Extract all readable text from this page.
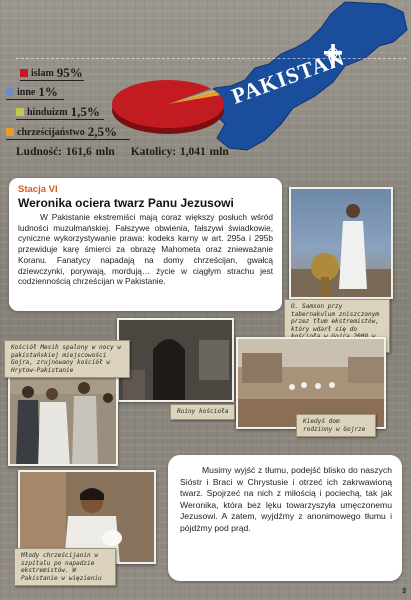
PAKISTAN
islam 95%
inne 1%
hinduizm 1,5%
chrześcijaństwo 2,5%
Ludność: 161,6 mln Katolicy: 1,041 mln
Stacja VI
Weronika ociera twarz Panu Jezusowi
W Pakistanie ekstremiści mają coraz większy posłuch wśród ludności muzułmańskiej. Fałszywe obwienia, fałszywi świadkowie, cyniczne wykorzystywanie prawa: kodeks karny w art. 295a i 295b przewiduje karę śmierci za obrazę Mahometa oraz znieważanie Koranu. Fanatycy napadają na domy chrześcijan, gwałcą dziewczynki, porywają, mordują… życie w ciągłym strachu jest codziennością chrześcijan w Pakistanie.
O. Samson przy tabernakulum zniszczonym przez tłum ekstremistów, który wdarł się do
Ruiny kościoła
Kościół Mesih spalony w nocy w pakistańskiej miejscowości Gojra, zrujnowany kościół w Hrytow-Pakistanie
Kiedyś dom rodzinny w Gojrze
Młody chrześcijanin w szpitalu po napadzie ekstremistów. W Pakistanie w więzieniu
Musimy wyjść z tłumu, podejść blisko do naszych Sióstr i Braci w Chrystusie i otrzeć ich zakrwawioną twarz. Spojrzeć na nich z miłością i pociechą, tak jak Weronika, która bez lęku towarzyszyła umęczonemu Jezusowi. A zatem, wyjdźmy z anonimowego tłumu i pójdźmy pod prąd.
3
